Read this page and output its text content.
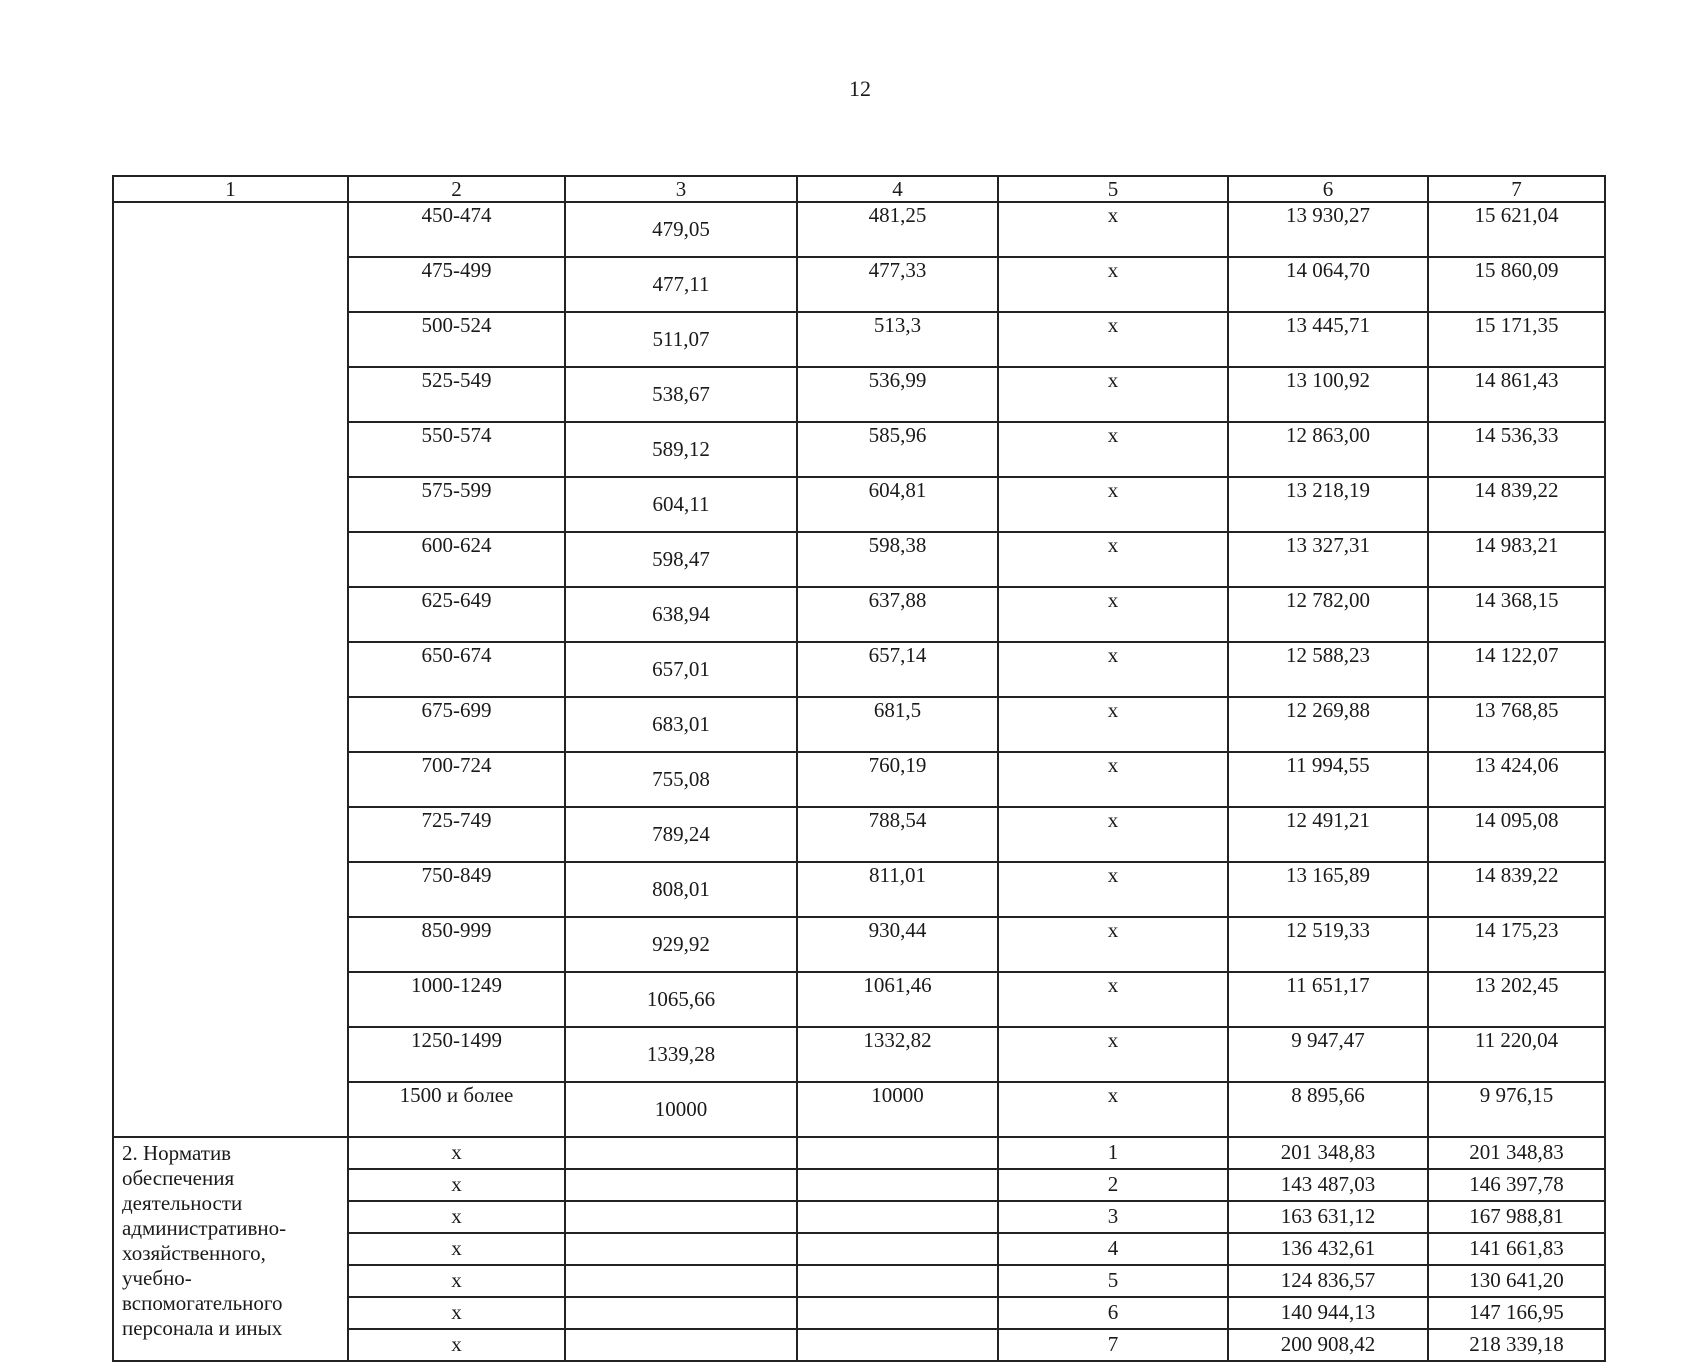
12
1	2	3	4	5	6	7
	450-474	479,05	481,25	x	13 930,27	15 621,04
	475-499	477,11	477,33	x	14 064,70	15 860,09
	500-524	511,07	513,3	x	13 445,71	15 171,35
	525-549	538,67	536,99	x	13 100,92	14 861,43
	550-574	589,12	585,96	x	12 863,00	14 536,33
	575-599	604,11	604,81	x	13 218,19	14 839,22
	600-624	598,47	598,38	x	13 327,31	14 983,21
	625-649	638,94	637,88	x	12 782,00	14 368,15
	650-674	657,01	657,14	x	12 588,23	14 122,07
	675-699	683,01	681,5	x	12 269,88	13 768,85
	700-724	755,08	760,19	x	11 994,55	13 424,06
	725-749	789,24	788,54	x	12 491,21	14 095,08
	750-849	808,01	811,01	x	13 165,89	14 839,22
	850-999	929,92	930,44	x	12 519,33	14 175,23
	1000-1249	1065,66	1061,46	x	11 651,17	13 202,45
	1250-1499	1339,28	1332,82	x	9 947,47	11 220,04
	1500 и более	10000	10000	x	8 895,66	9 976,15
2. Норматив обеспечения деятельности административно-хозяйственного, учебно-вспомогательного персонала и иных	x			1	201 348,83	201 348,83
	x			2	143 487,03	146 397,78
	x			3	163 631,12	167 988,81
	x			4	136 432,61	141 661,83
	x			5	124 836,57	130 641,20
	x			6	140 944,13	147 166,95
	x			7	200 908,42	218 339,18
